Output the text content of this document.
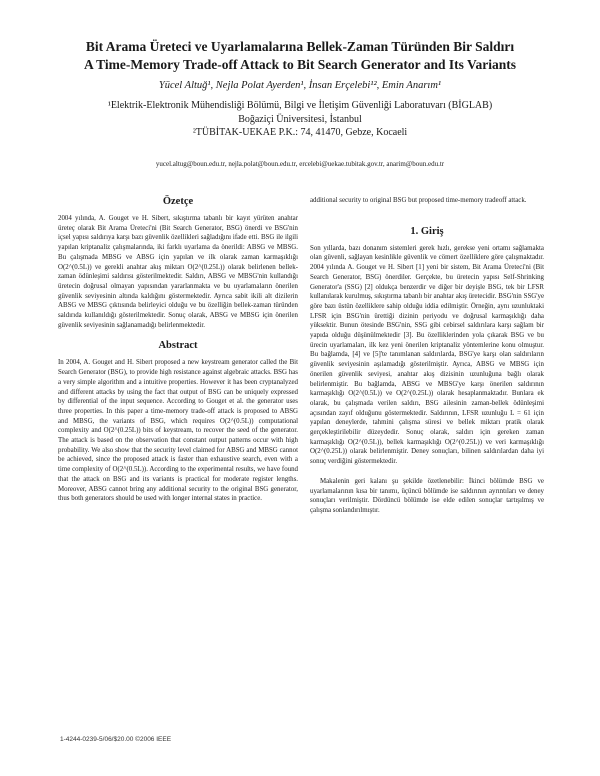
Bit Arama Üreteci ve Uyarlamalarına Bellek-Zaman Türünden Bir Saldırı
A Time-Memory Trade-off Attack to Bit Search Generator and Its Variants

Yücel Altuğ¹, Nejla Polat Ayerden¹, İnsan Erçelebi¹², Emin Anarım¹

¹Elektrik-Elektronik Mühendisliği Bölümü, Bilgi ve İletişim Güvenliği Laboratuvarı (BİGLAB)

Boğaziçi Üniversitesi, İstanbul

²TÜBİTAK-UEKAE P.K.: 74, 41470, Gebze, Kocaeli

yucel.altug@boun.edu.tr, nejla.polat@boun.edu.tr, ercelebi@uekae.tubitak.gov.tr, anarim@boun.edu.tr

Özetçe

2004 yılında, A. Gouget ve H. Sibert, sıkıştırma tabanlı bir kayıt yürüten anahtar üreteç olarak Bit Arama Üreteci'ni (Bit Search Generator, BSG) önerdi ve BSG'nin içsel yapısı saldırıya karşı bazı güvenlik özellikleri sağladığını ifade etti. BSG ile ilgili yapılan kriptanaliz çalışmalarında, iki farklı uyarlama da önerildi: ABSG ve MBSG. Bu çalışmada MBSG ve ABSG için yapılan ve ilk olarak zaman karmaşıklığı O(2^(0.5L)) ve gerekli anahtar akış miktarı O(2^(0.25L)) olarak belirlenen bellek-zaman ödünleşimi saldırısı gösterilmektedir. Saldırı, ABSG ve MBSG'nin kullandığı üretecin doğrusal olmayan yapısından yararlanmakta ve bu uyarlamaların önerilen güvenlik seviyesinin altında kaldığını göstermektedir. Ayrıca sabit ikili alt dizilerin ABSG ve MBSG çıktısında belirleyici olduğu ve bu özelliğin bellek-zaman türünden saldırıda kullanıldığı gösterilmektedir. Sonuç olarak, ABSG ve MBSG için önerilen güvenlik seviyesinin sağlanamadığı belirlenmektedir.

Abstract

In 2004, A. Gouget and H. Sibert proposed a new keystream generator called the Bit Search Generator (BSG), to provide high resistance against algebraic attacks. BSG has a very simple algorithm and a intuitive properties. However it has been cryptanalyzed and different attacks by using the fact that output of BSG can be uniquely expressed by differential of the input sequence. According to Gouget et al. the generator uses three properties. In this paper a time-memory trade-off attack is proposed to ABSG and MBSG, the variants of BSG, which requires O(2^(0.5L)) computational complexity and O(2^(0.25L)) bits of keystream, to recover the seed of the generator. The attack is based on the observation that constant output patterns occur with high probability. We also show that the security level claimed for ABSG and MBSG cannot be achieved, since the proposed attack is faster than exhaustive search, even with a time complexity of O(2^(0.5L)). According to the experimental results, we have found that the attack on BSG and its variants is practical for moderate register lengths. Moreover, ABSG cannot bring any additional security to the original BSG generator, thus both generators should be used with longer internal states in practice.

additional security to original BSG but proposed time-memory tradeoff attack.

1. Giriş

Son yıllarda, bazı donanım sistemleri gerek hızlı, gerekse yeni ortamı sağlamakta olan güvenli, sağlayan kesinlikle güvenlik ve cömert özelliklere göre çalışmaktadır. 2004 yılında A. Gouget ve H. Sibert [1] yeni bir sistem, Bit Arama Üreteci'ni (Bit Search Generator, BSG) önerdiler. Gerçekte, bu üretecin yapısı Self-Shrinking Generator'a (SSG) [2] oldukça benzerdir ve diğer bir deyişle BSG, tek bir LFSR kullanılarak kurulmuş, sıkıştırma tabanlı bir anahtar akış üretecidir. BSG'nin SSG'ye göre bazı üstün özelliklere sahip olduğu iddia edilmiştir. Örneğin, aynı uzunluktaki LFSR için BSG'nin ürettiği dizinin periyodu ve doğrusal karmaşıklığı daha yüksektir. Bunun ötesinde BSG'nin, SSG gibi cebirsel saldırılara karşı sağlam bir yapıda olduğu düşünülmektedir [3]. Bu özelliklerinden yola çıkarak BSG ve bu ürecin uyarlamaları, ilk kez yeni önerilen kriptanaliz yöntemlerine konu olmuştur. Bu bağlamda, [4] ve [5]'te tanımlanan saldırılarda, BSG'ye karşı olan saldırıların güvenlik seviyesinin aşılamadığı gösterilmiştir. Ayrıca, ABSG ve MBSG için önerilen güvenlik seviyesi, anahtar akış dizisinin uzunluğuna bağlı olarak belirlenmiştir. Bu bağlamda, ABSG ve MBSG'ye karşı önerilen saldırının karmaşıklığı O(2^(0.5L)) ve O(2^(0.25L)) olarak hesaplanmaktadır. Bunlara ek olarak, bu çalışmada verilen saldırı, BSG ailesinin zaman-bellek ödünleşimi açısından zayıf olduğunu göstermektedir. Saldırının, LFSR uzunluğu L = 61 için yapılan deneylerde, tahmini çalışma süresi ve bellek miktarı pratik olarak gerçekleştirilebilir düzeydedir. Sonuç olarak, saldırı için gereken zaman karmaşıklığı O(2^(0.5L)), bellek karmaşıklığı O(2^(0.25L)) ve veri karmaşıklığı O(2^(0.25L)) olarak belirlenmiştir. Deney sonuçları, bilinen saldırılardan daha iyi sonuç verdiğini göstermektedir.

Makalenin geri kalanı şu şekilde özetlenebilir: İkinci bölümde BSG ve uyarlamalarının kısa bir tanımı, üçüncü bölümde ise saldırının ayrıntıları ve deney sonuçları verilmiştir. Dördüncü bölümde ise elde edilen sonuçlar tartışılmış ve çalışma sonlandırılmıştır.

1-4244-0239-5/06/$20.00 ©2006 IEEE
